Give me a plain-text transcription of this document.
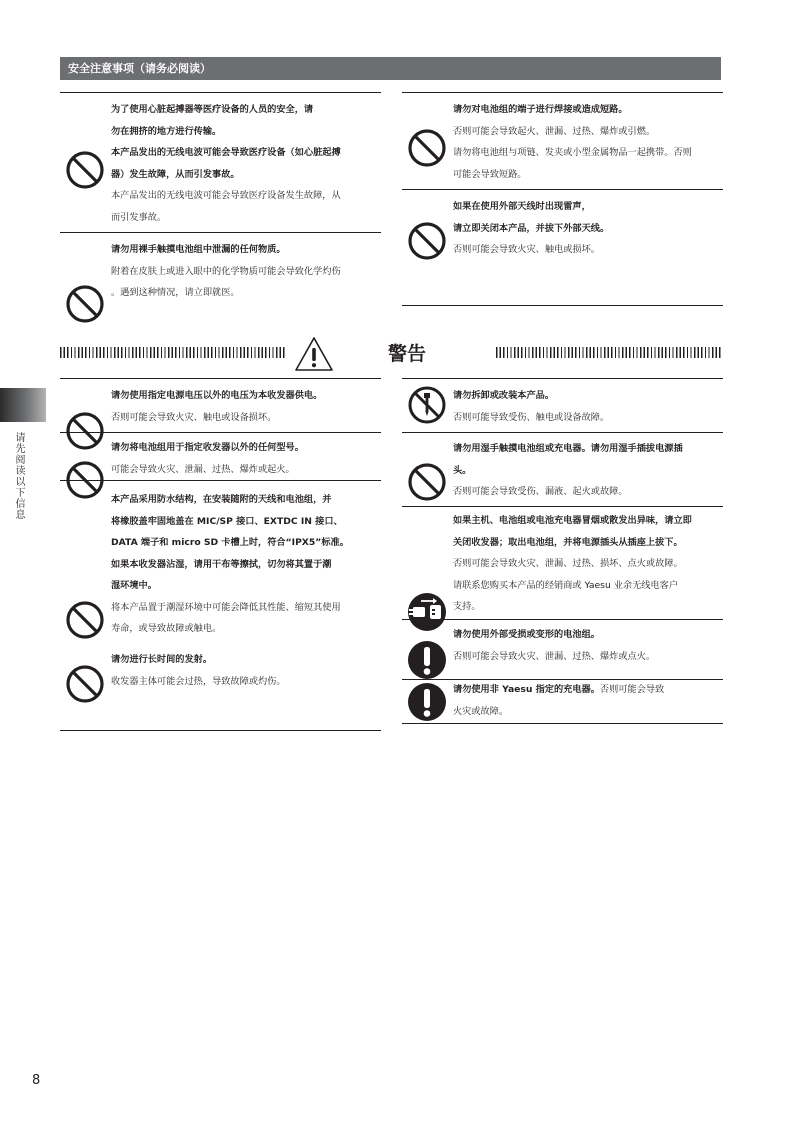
安全注意事项（请务必阅读）

为了使用心脏起搏器等医疗设备的人员的安全，请

勿在拥挤的地方进行传输。

本产品发出的无线电波可能会导致医疗设备（如心脏起搏

器）发生故障，从而引发事故。

本产品发出的无线电波可能会导致医疗设备发生故障，从

而引发事故。

请勿用裸手触摸电池组中泄漏的任何物质。

附着在皮肤上或进入眼中的化学物质可能会导致化学灼伤

。遇到这种情况，请立即就医。

请勿对电池组的端子进行焊接或造成短路。

否则可能会导致起火、泄漏、过热、爆炸或引燃。

请勿将电池组与项链、发夹或小型金属物品一起携带。否则

可能会导致短路。

如果在使用外部天线时出现雷声，

请立即关闭本产品，并拔下外部天线。

否则可能会导致火灾、触电或损坏。

警告

请勿使用指定电源电压以外的电压为本收发器供电。

否则可能会导致火灾、触电或设备损坏。

请勿将电池组用于指定收发器以外的任何型号。

可能会导致火灾、泄漏、过热、爆炸或起火。

本产品采用防水结构，在安装随附的天线和电池组，并

将橡胶盖牢固地盖在 MIC/SP 接口、EXTDC IN 接口、

DATA 端子和 micro SD 卡槽上时，符合“IPX5”标准。

如果本收发器沾湿，请用干布等擦拭，切勿将其置于潮

湿环境中。

将本产品置于潮湿环境中可能会降低其性能、缩短其使用

寿命，或导致故障或触电。

请勿进行长时间的发射。

收发器主体可能会过热，导致故障或灼伤。

请勿拆卸或改装本产品。

否则可能导致受伤、触电或设备故障。

请勿用湿手触摸电池组或充电器。请勿用湿手插拔电源插

头。

否则可能会导致受伤、漏液、起火或故障。

如果主机、电池组或电池充电器冒烟或散发出异味，请立即

关闭收发器；取出电池组，并将电源插头从插座上拔下。

否则可能会导致火灾、泄漏、过热、损坏、点火或故障。

请联系您购买本产品的经销商或 Yaesu 业余无线电客户

支持。

请勿使用外部受损或变形的电池组。

否则可能会导致火灾、泄漏、过热、爆炸或点火。

请勿使用非 Yaesu 指定的充电器。否则可能会导致

火灾或故障。

请先阅读以下信息
8
